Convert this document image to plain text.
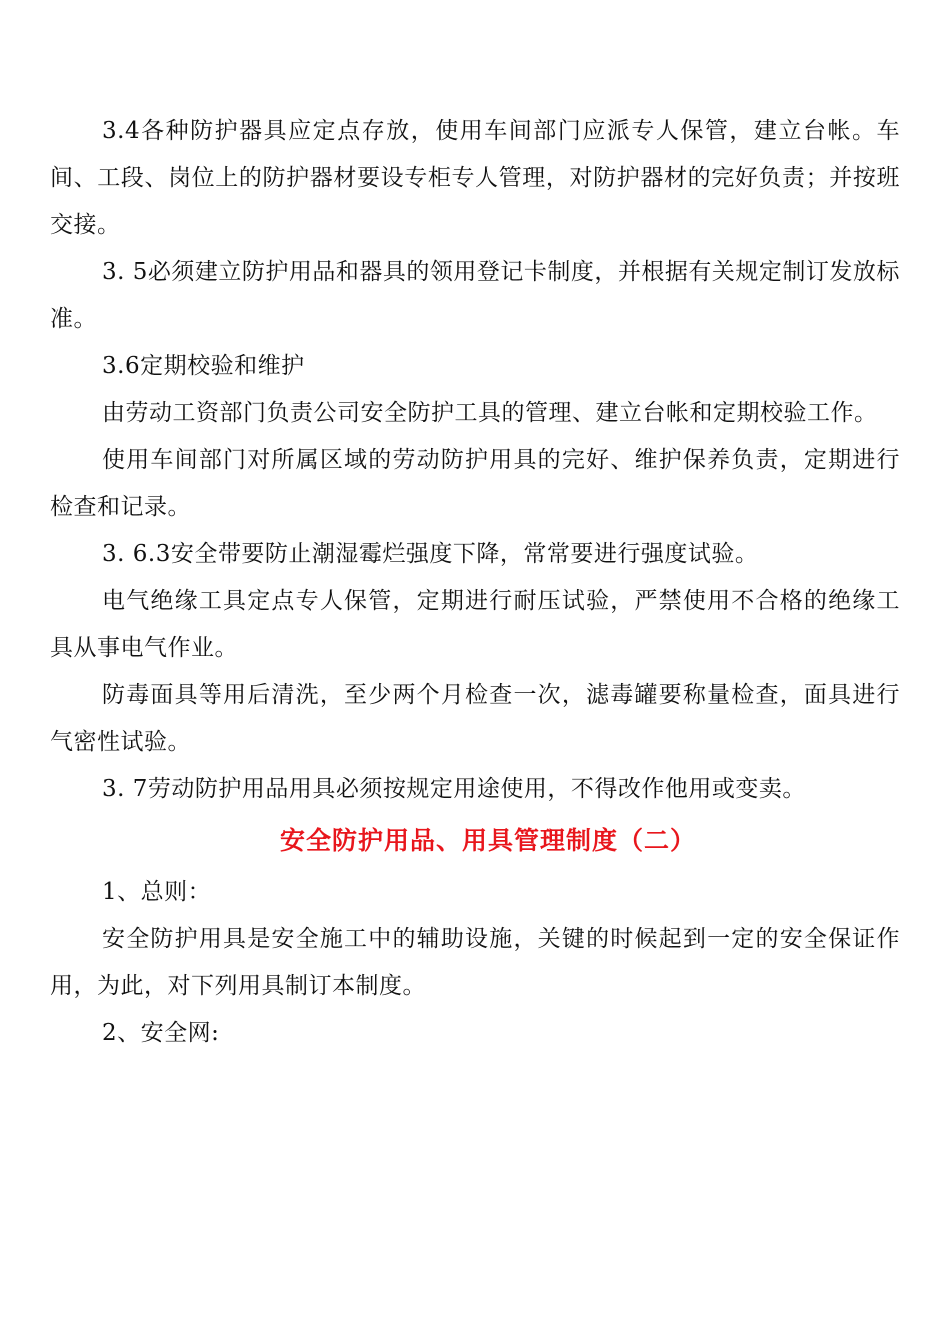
3.4各种防护器具应定点存放，使用车间部门应派专人保管，建立台帐。车间、工段、岗位上的防护器材要设专柜专人管理，对防护器材的完好负责；并按班交接。

3. 5必须建立防护用品和器具的领用登记卡制度，并根据有关规定制订发放标

准。

3.6定期校验和维护

由劳动工资部门负责公司安全防护工具的管理、建立台帐和定期校验工作。

使用车间部门对所属区域的劳动防护用具的完好、维护保养负责，定期进行检查和记录。

3. 6.3安全带要防止潮湿霉烂强度下降，常常要进行强度试验。

电气绝缘工具定点专人保管，定期进行耐压试验，严禁使用不合格的绝缘工具从事电气作业。

防毒面具等用后清洗，至少两个月检查一次，滤毒罐要称量检查，面具进行气密性试验。

3. 7劳动防护用品用具必须按规定用途使用，不得改作他用或变卖。

安全防护用品、用具管理制度（二）

1、总则：

安全防护用具是安全施工中的辅助设施，关键的时候起到一定的安全保证作用，为此，对下列用具制订本制度。

2、安全网:
